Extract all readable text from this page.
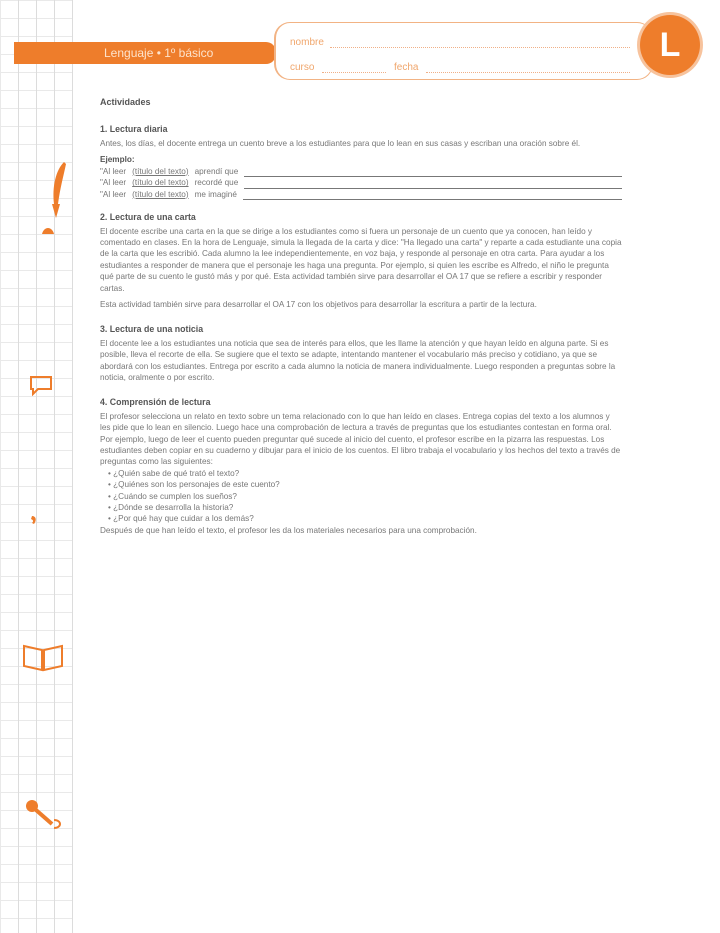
Lenguaje • 1º básico
nombre
curso	fecha
L
Actividades
1. Lectura diaria

Antes, los días, el docente entrega un cuento breve a los estudiantes para que lo lean en sus casas y escriban una oración sobre él.

Ejemplo:
"Al leer (título del texto) aprendí que
"Al leer (título del texto) recordé que
"Al leer (título del texto) me imaginé
2. Lectura de una carta

El docente escribe una carta en la que se dirige a los estudiantes como si fuera un personaje de un cuento que ya conocen, han leído y comentado en clases. En la hora de Lenguaje, simula la llegada de la carta y dice: "Ha llegado una carta" y reparte a cada estudiante una copia de la carta que les escribió. Cada alumno la lee independientemente, en voz baja, y responde al personaje en otra carta. Para ayudar a los estudiantes a responder de manera que el personaje les haga una pregunta. Por ejemplo, si quien les escribe es Alfredo, el niño le pregunta qué parte de su cuento le gustó más y por qué. Esta actividad también sirve para desarrollar el OA 17 que se refiere a escribir y responder cartas.

Esta actividad también sirve para desarrollar el OA 17 con los objetivos para desarrollar la escritura a partir de la lectura.

3. Lectura de una noticia

El docente lee a los estudiantes una noticia que sea de interés para ellos, que les llame la atención y que hayan leído en alguna parte. Si es posible, lleva el recorte de ella. Se sugiere que el texto se adapte, intentando mantener el vocabulario más preciso y cotidiano, ya que se abordará con los estudiantes. Entrega por escrito a cada alumno la noticia de manera individualmente. Luego responden a preguntas sobre la noticia, oralmente o por escrito.

4. Comprensión de lectura

El profesor selecciona un relato en texto sobre un tema relacionado con lo que han leído en clases. Entrega copias del texto a los alumnos y les pide que lo lean en silencio. Luego hace una comprobación de lectura a través de preguntas que los estudiantes contestan en forma oral. Por ejemplo, luego de leer el cuento pueden preguntar qué sucede al inicio del cuento, el profesor escribe en la pizarra las respuestas. Los estudiantes deben copiar en su cuaderno y dibujar para el inicio de los cuentos. El libro trabaja el vocabulario y los hechos del texto a través de preguntas como las siguientes:

• ¿Quién sabe de qué trató el texto?
• ¿Quiénes son los personajes de este cuento?
• ¿Cuándo se cumplen los sueños?
• ¿Dónde se desarrolla la historia?
• ¿Por qué hay que cuidar a los demás?

Después de que han leído el texto, el profesor les da los materiales necesarios para una comprobación.
